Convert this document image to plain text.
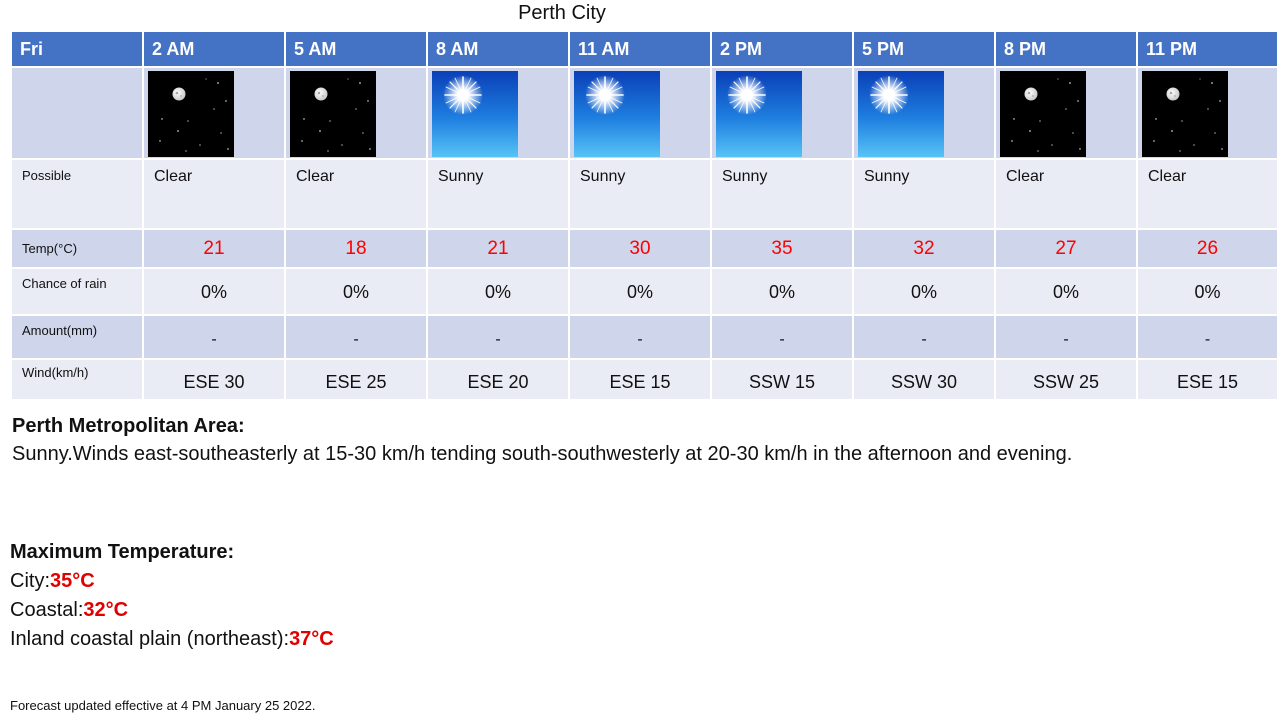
Perth City
Fri	2 AM	5 AM	8 AM	11 AM	2 PM	5 PM	8 PM	11 PM

Possible	Clear	Clear	Sunny	Sunny	Sunny	Sunny	Clear	Clear
Temp(°C)	21	18	21	30	35	32	27	26
Chance of rain	0%	0%	0%	0%	0%	0%	0%	0%
Amount(mm)	-	-	-	-	-	-	-	-
Wind(km/h)	ESE 30	ESE 25	ESE 20	ESE 15	SSW 15	SSW 30	SSW 25	ESE 15
Perth Metropolitan Area:
Sunny.Winds east-southeasterly at 15-30 km/h tending south-southwesterly at 20-30 km/h in the afternoon and evening.
Maximum Temperature:
City:35°C
Coastal:32°C
Inland coastal plain (northeast):37°C
Forecast updated effective at 4 PM January 25 2022.
